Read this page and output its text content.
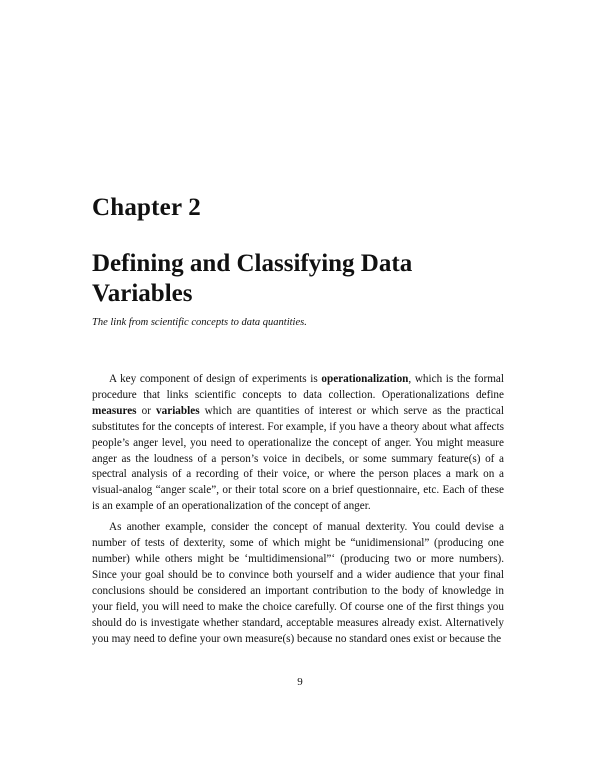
Chapter 2
Defining and Classifying Data Variables

The link from scientific concepts to data quantities.

A key component of design of experiments is operationalization, which is the formal procedure that links scientific concepts to data collection. Operationalizations define measures or variables which are quantities of interest or which serve as the practical substitutes for the concepts of interest. For example, if you have a theory about what affects people’s anger level, you need to operationalize the concept of anger. You might measure anger as the loudness of a person’s voice in decibels, or some summary feature(s) of a spectral analysis of a recording of their voice, or where the person places a mark on a visual-analog “anger scale”, or their total score on a brief questionnaire, etc. Each of these is an example of an operationalization of the concept of anger.

As another example, consider the concept of manual dexterity. You could devise a number of tests of dexterity, some of which might be “unidimensional” (producing one number) while others might be ‘multidimensional”‘ (producing two or more numbers). Since your goal should be to convince both yourself and a wider audience that your final conclusions should be considered an important contribution to the body of knowledge in your field, you will need to make the choice carefully. Of course one of the first things you should do is investigate whether standard, acceptable measures already exist. Alternatively you may need to define your own measure(s) because no standard ones exist or because the

9
